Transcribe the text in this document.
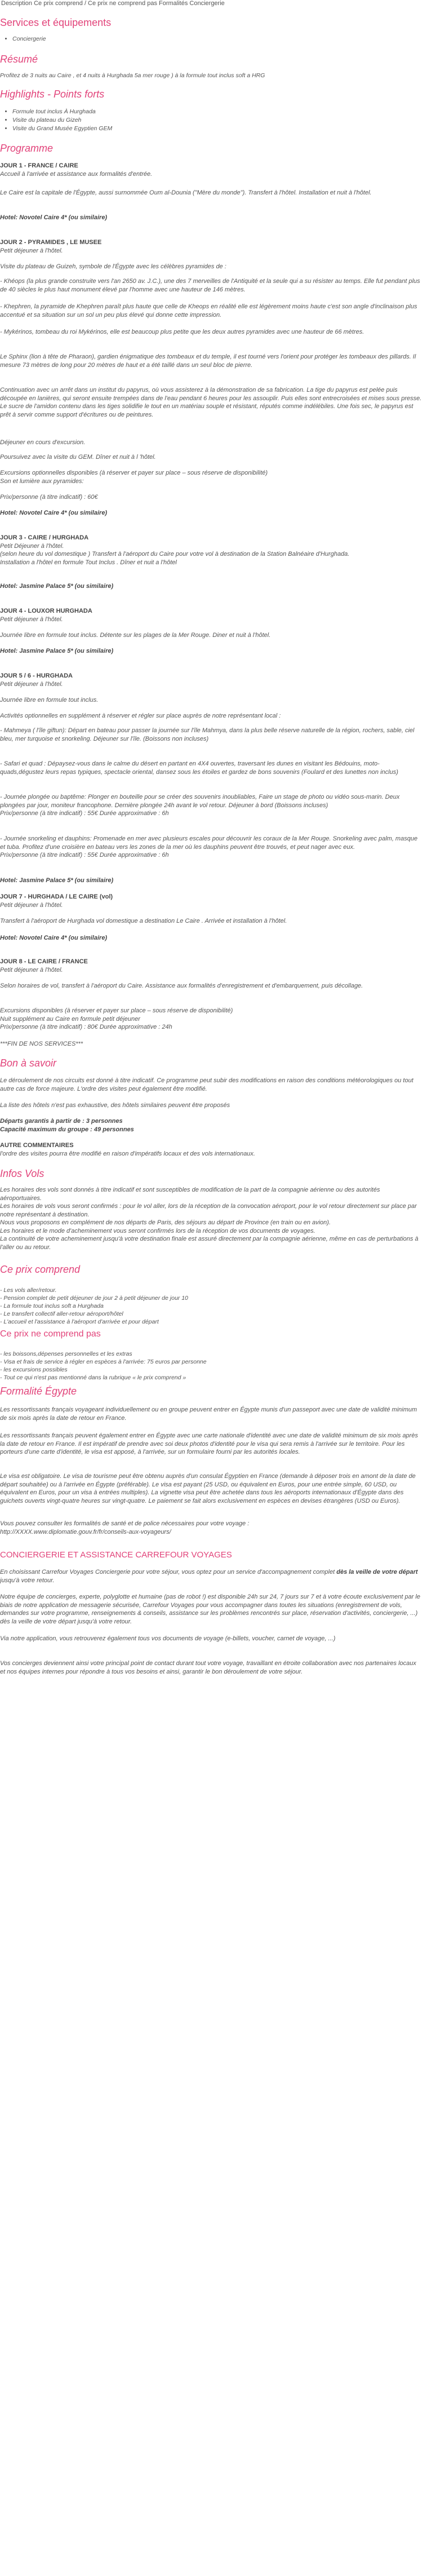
Description Ce prix comprend / Ce prix ne comprend pas Formalités Conciergerie
Services et équipements
• Conciergerie
Résumé
Profitez de 3 nuits au Caire , et 4 nuits à Hurghada 5a mer rouge ) à la formule tout inclus soft a HRG
Highlights - Points forts
• Formule tout inclus À Hurghada
• Visite du plateau du Gizeh
• Visite du Grand Musée Egyptien GEM
Programme

JOUR 1 - FRANCE / CAIRE

Accueil à l'arrivée et assistance aux formalités d'entrée.

Le Caire est la capitale de l'Égypte, aussi surnommée Oum al-Dounia ("Mère du monde"). Transfert à l'hôtel. Installation et nuit à l'hôtel.
Hotel: Novotel Caire 4* (ou similaire)

JOUR 2 - PYRAMIDES , LE MUSEE

Petit déjeuner à l'hôtel.

Visite du plateau de Guizeh, symbole de l'Égypte avec les célèbres pyramides de :
- Khéops (la plus grande construite vers l'an 2650 av. J.C.), une des 7 merveilles de l'Antiquité et la seule qui a su résister au temps. Elle fut pendant plus de 40 siècles le plus haut monument élevé par l'homme avec une hauteur de 146 mètres.
- Khephren, la pyramide de Khephren paraît plus haute que celle de Kheops en réalité elle est légèrement moins haute c'est son angle d'inclinaison plus accentué et sa situation sur un sol un peu plus élevé qui donne cette impression.
- Mykérinos, tombeau du roi Mykérinos, elle est beaucoup plus petite que les deux autres pyramides avec une hauteur de 66 mètres.
Le Sphinx (lion à tête de Pharaon), gardien énigmatique des tombeaux et du temple, il est tourné vers l'orient pour protéger les tombeaux des pillards. Il mesure 73 mètres de long pour 20 mètres de haut et a été taillé dans un seul bloc de pierre.
Continuation avec un arrêt dans un institut du papyrus, où vous assisterez à la démonstration de sa fabrication. La tige du papyrus est pelée puis découpée en lanières, qui seront ensuite trempées dans de l'eau pendant 6 heures pour les assouplir. Puis elles sont entrecroisées et mises sous presse. Le sucre de l'amidon contenu dans les tiges solidifie le tout en un matériau souple et résistant, réputés comme indélébiles. Une fois sec, le papyrus est prêt à servir comme support d'écritures ou de peintures.
Déjeuner en cours d'excursion.
Poursuivez avec la visite du GEM. Dîner et nuit à l 'hôtel.

Excursions optionnelles disponibles (à réserver et payer sur place – sous réserve de disponibilité)

Son et lumière aux pyramides:

Prix/personne (à titre indicatif) : 60€
Hotel: Novotel Caire 4* (ou similaire)

JOUR 3 - CAIRE / HURGHADA

Petit Déjeuner à l'hôtel.

(selon heure du vol domestique ) Transfert à l'aéroport du Caire pour votre vol à destination de la Station Balnéaire d'Hurghada.

Installation a l'hôtel en formule Tout Inclus . Dîner et nuit a l'hôtel

Hotel: Jasmine Palace 5* (ou similaire)

JOUR 4 - LOUXOR HURGHADA

Petit déjeuner à l'hôtel.

Journée libre en formule tout inclus. Détente sur les plages de la Mer Rouge. Diner et nuit à l'hôtel.
Hotel: Jasmine Palace 5* (ou similaire)

JOUR 5 / 6 - HURGHADA

Petit déjeuner à l'hôtel.

Journée libre en formule tout inclus.
Activités optionnelles en supplément à réserver et régler sur place auprès de notre représentant local :
- Mahmeya ( l'île giftun): Départ en bateau pour passer la journée sur l'île Mahmya, dans la plus belle réserve naturelle de la région, rochers, sable, ciel bleu, mer turquoise et snorkeling. Déjeuner sur l'île. (Boissons non incluses)
- Safari et quad : Dépaysez-vous dans le calme du désert en partant en 4X4 ouvertes, traversant les dunes en visitant les Bédouins, moto-quads,dégustez leurs repas typiques, spectacle oriental, dansez sous les étoiles et gardez de bons souvenirs (Foulard et des lunettes non inclus)

- Journée plongée ou baptême: Plonger en bouteille pour se créer des souvenirs inoubliables, Faire un stage de photo ou vidéo sous-marin. Deux plongées par jour, moniteur francophone. Dernière plongée 24h avant le vol retour. Déjeuner à bord (Boissons incluses)

Prix/personne (à titre indicatif) : 55€ Durée approximative : 6h

- Journée snorkeling et dauphins: Promenade en mer avec plusieurs escales pour découvrir les coraux de la Mer Rouge. Snorkeling avec palm, masque et tuba. Profitez d'une croisière en bateau vers les zones de la mer où les dauphins peuvent être trouvés, et peut nager avec eux.

Prix/personne (à titre indicatif) : 55€ Durée approximative : 6h

Hotel: Jasmine Palace 5* (ou similaire)

JOUR 7 - HURGHADA / LE CAIRE (vol)

Petit déjeuner à l'hôtel.

Transfert à l'aéroport de Hurghada vol domestique a destination Le Caire . Arrivée et installation à l'hôtel.
Hotel: Novotel Caire 4* (ou similaire)

JOUR 8 - LE CAIRE / FRANCE

Petit déjeuner à l'hôtel.

Selon horaires de vol, transfert à l'aéroport du Caire. Assistance aux formalités d'enregistrement et d'embarquement, puis décollage.

Excursions disponibles (à réserver et payer sur place – sous réserve de disponibilité)

Nuit supplément au Caire en formule petit déjeuner

Prix/personne (à titre indicatif) : 80€ Durée approximative : 24h

***FIN DE NOS SERVICES***
Bon à savoir
Le déroulement de nos circuits est donné à titre indicatif. Ce programme peut subir des modifications en raison des conditions météorologiques ou tout autre cas de force majeure. L'ordre des visites peut également être modifié.
La liste des hôtels n'est pas exhaustive, des hôtels similaires peuvent être proposés

Départs garantis à partir de : 3 personnes

Capacité maximum du groupe : 49 personnes

AUTRE COMMENTAIRES

l'ordre des visites pourra être modifié en raison d'impératifs locaux et des vols internationaux.

Infos Vols

Les horaires des vols sont donnés à titre indicatif et sont susceptibles de modification de la part de la compagnie aérienne ou des autorités aéroportuaires.

Les horaires de vols vous seront confirmés : pour le vol aller, lors de la réception de la convocation aéroport, pour le vol retour directement sur place par notre représentant à destination.

Nous vous proposons en complément de nos départs de Paris, des séjours au départ de Province (en train ou en avion).

Les horaires et le mode d'acheminement vous seront confirmés lors de la réception de vos documents de voyages.

La continuité de votre acheminement jusqu'à votre destination finale est assuré directement par la compagnie aérienne, même en cas de perturbations à l'aller ou au retour.

Ce prix comprend
- Les vols aller/retour.
- Pension complet de petit déjeuner de jour 2 à petit déjeuner de jour 10
- La formule tout inclus soft a Hurghada
- Le transfert collectif aller-retour aéroport/hôtel
- L'accueil et l'assistance à l'aéroport d'arrivée et pour départ
Ce prix ne comprend pas
- les boissons,dépenses personnelles et les extras
- Visa et frais de service à régler en espèces à l'arrivée: 75 euros par personne
- les excursions possibles
- Tout ce qui n'est pas mentionné dans la rubrique « le prix comprend »
Formalité Égypte
Les ressortissants français voyageant individuellement ou en groupe peuvent entrer en Égypte munis d'un passeport avec une date de validité minimum de six mois après la date de retour en France.
Les ressortissants français peuvent également entrer en Égypte avec une carte nationale d'identité avec une date de validité minimum de six mois après la date de retour en France. Il est impératif de prendre avec soi deux photos d'identité pour le visa qui sera remis à l'arrivée sur le territoire. Pour les porteurs d'une carte d'identité, le visa est apposé, à l'arrivée, sur un formulaire fourni par les autorités locales.
Le visa est obligatoire. Le visa de tourisme peut être obtenu auprès d'un consulat Égyptien en France (demande à déposer trois en amont de la date de départ souhaitée) ou à l'arrivée en Égypte (préférable). Le visa est payant (25 USD, ou équivalent en Euros, pour une entrée simple, 60 USD, ou équivalent en Euros, pour un visa à entrées multiples). La vignette visa peut être achetée dans tous les aéroports internationaux d'Égypte dans des guichets ouverts vingt-quatre heures sur vingt-quatre. Le paiement se fait alors exclusivement en espèces en devises étrangères (USD ou Euros).

Vous pouvez consulter les formalités de santé et de police nécessaires pour votre voyage :

http://XXXX.www.diplomatie.gouv.fr/fr/conseils-aux-voyageurs/

CONCIERGERIE ET ASSISTANCE CARREFOUR VOYAGES
En choisissant Carrefour Voyages Conciergerie pour votre séjour, vous optez pour un service d'accompagnement complet dès la veille de votre départ jusqu'à votre retour.
Notre équipe de concierges, experte, polyglotte et humaine (pas de robot !) est disponible 24h sur 24, 7 jours sur 7 et à votre écoute exclusivement par le biais de notre application de messagerie sécurisée, Carrefour Voyages pour vous accompagner dans toutes les situations (enregistrement de vols, demandes sur votre programme, renseignements & conseils, assistance sur les problèmes rencontrés sur place, réservation d'activités, conciergerie, ...) dès la veille de votre départ jusqu'à votre retour.
Via notre application, vous retrouverez également tous vos documents de voyage (e-billets, voucher, carnet de voyage, ...)
Vos concierges deviennent ainsi votre principal point de contact durant tout votre voyage, travaillant en étroite collaboration avec nos partenaires locaux et nos équipes internes pour répondre à tous vos besoins et ainsi, garantir le bon déroulement de votre séjour.
